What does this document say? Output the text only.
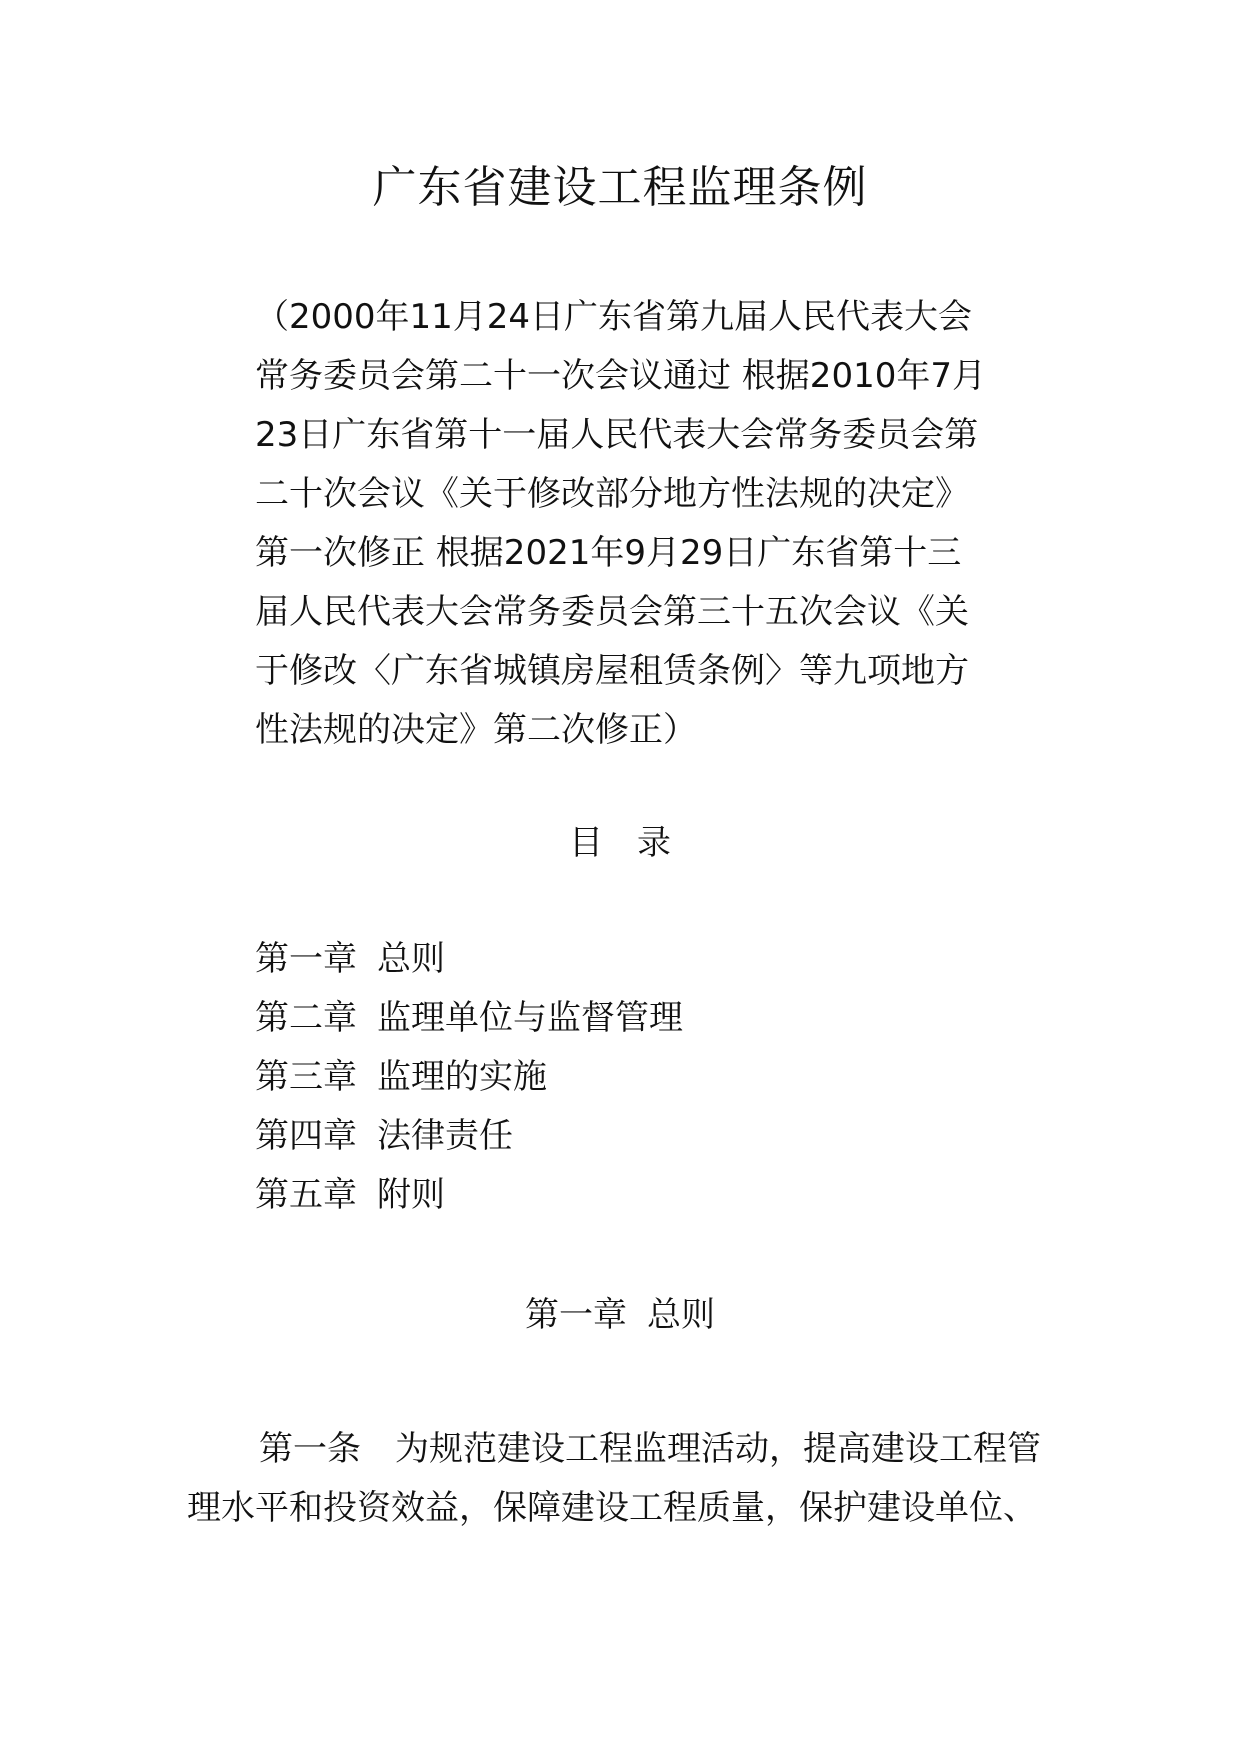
广东省建设工程监理条例
（2000年11月24日广东省第九届人民代表大会
常务委员会第二十一次会议通过 根据2010年7月
23日广东省第十一届人民代表大会常务委员会第
二十次会议《关于修改部分地方性法规的决定》
第一次修正 根据2021年9月29日广东省第十三
届人民代表大会常务委员会第三十五次会议《关
于修改〈广东省城镇房屋租赁条例〉等九项地方
性法规的决定》第二次修正）
目 录
第一章 总则
第二章 监理单位与监督管理
第三章 监理的实施
第四章 法律责任
第五章 附则
第一章 总则
第一条 为规范建设工程监理活动，提高建设工程管
理水平和投资效益，保障建设工程质量，保护建设单位、
